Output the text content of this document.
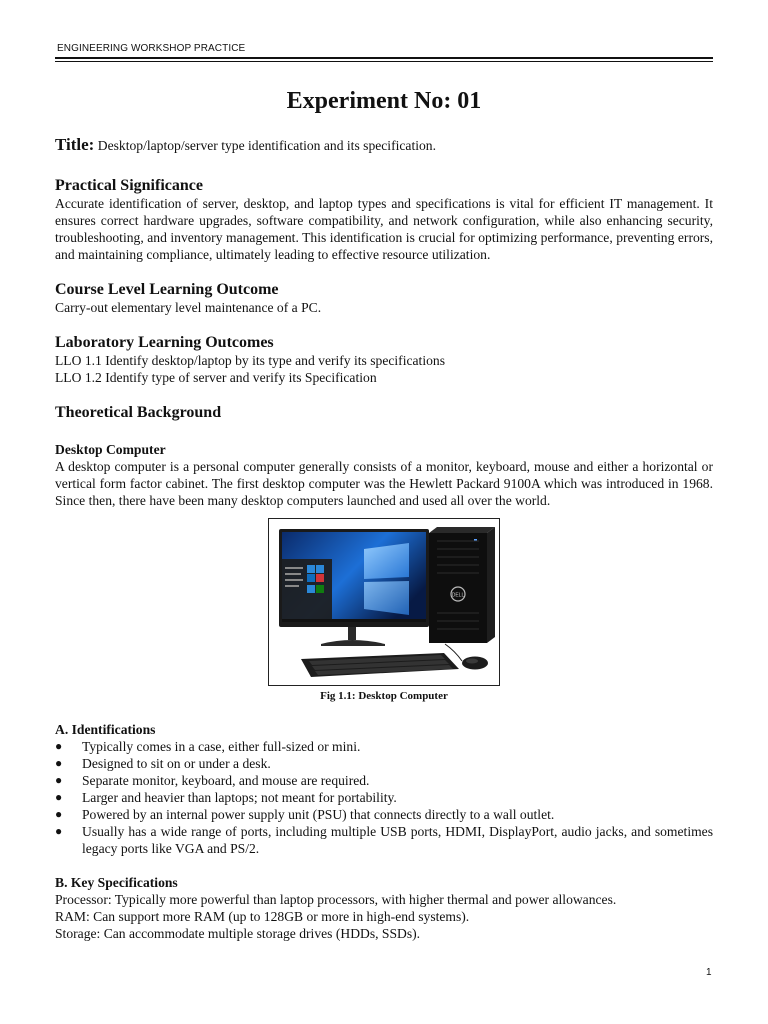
ENGINEERING WORKSHOP PRACTICE
Experiment No: 01

Title: Desktop/laptop/server type identification and its specification.

Practical Significance

Accurate identification of server, desktop, and laptop types and specifications is vital for efficient IT management. It ensures correct hardware upgrades, software compatibility, and network configuration, while also enhancing security, troubleshooting, and inventory management. This identification is crucial for optimizing performance, preventing errors, and maintaining compliance, ultimately leading to effective resource utilization.

Course Level Learning Outcome

Carry-out elementary level maintenance of a PC.

Laboratory Learning Outcomes

LLO 1.1 Identify desktop/laptop by its type and verify its specifications

LLO 1.2 Identify type of server and verify its Specification

Theoretical Background
Desktop Computer

A desktop computer is a personal computer generally consists of a monitor, keyboard, mouse and either a horizontal or vertical form factor cabinet. The first desktop computer was the Hewlett Packard 9100A which was introduced in 1968. Since then, there have been many desktop computers launched and used all over the world.

DELL
Fig 1.1: Desktop Computer
A. Identifications
● Typically comes in a case, either full-sized or mini.
● Designed to sit on or under a desk.
● Separate monitor, keyboard, and mouse are required.
● Larger and heavier than laptops; not meant for portability.
● Powered by an internal power supply unit (PSU) that connects directly to a wall outlet.
● Usually has a wide range of ports, including multiple USB ports, HDMI, DisplayPort, audio jacks, and sometimes legacy ports like VGA and PS/2.
B. Key Specifications

Processor: Typically more powerful than laptop processors, with higher thermal and power allowances.

RAM: Can support more RAM (up to 128GB or more in high-end systems).

Storage: Can accommodate multiple storage drives (HDDs, SSDs).

1
